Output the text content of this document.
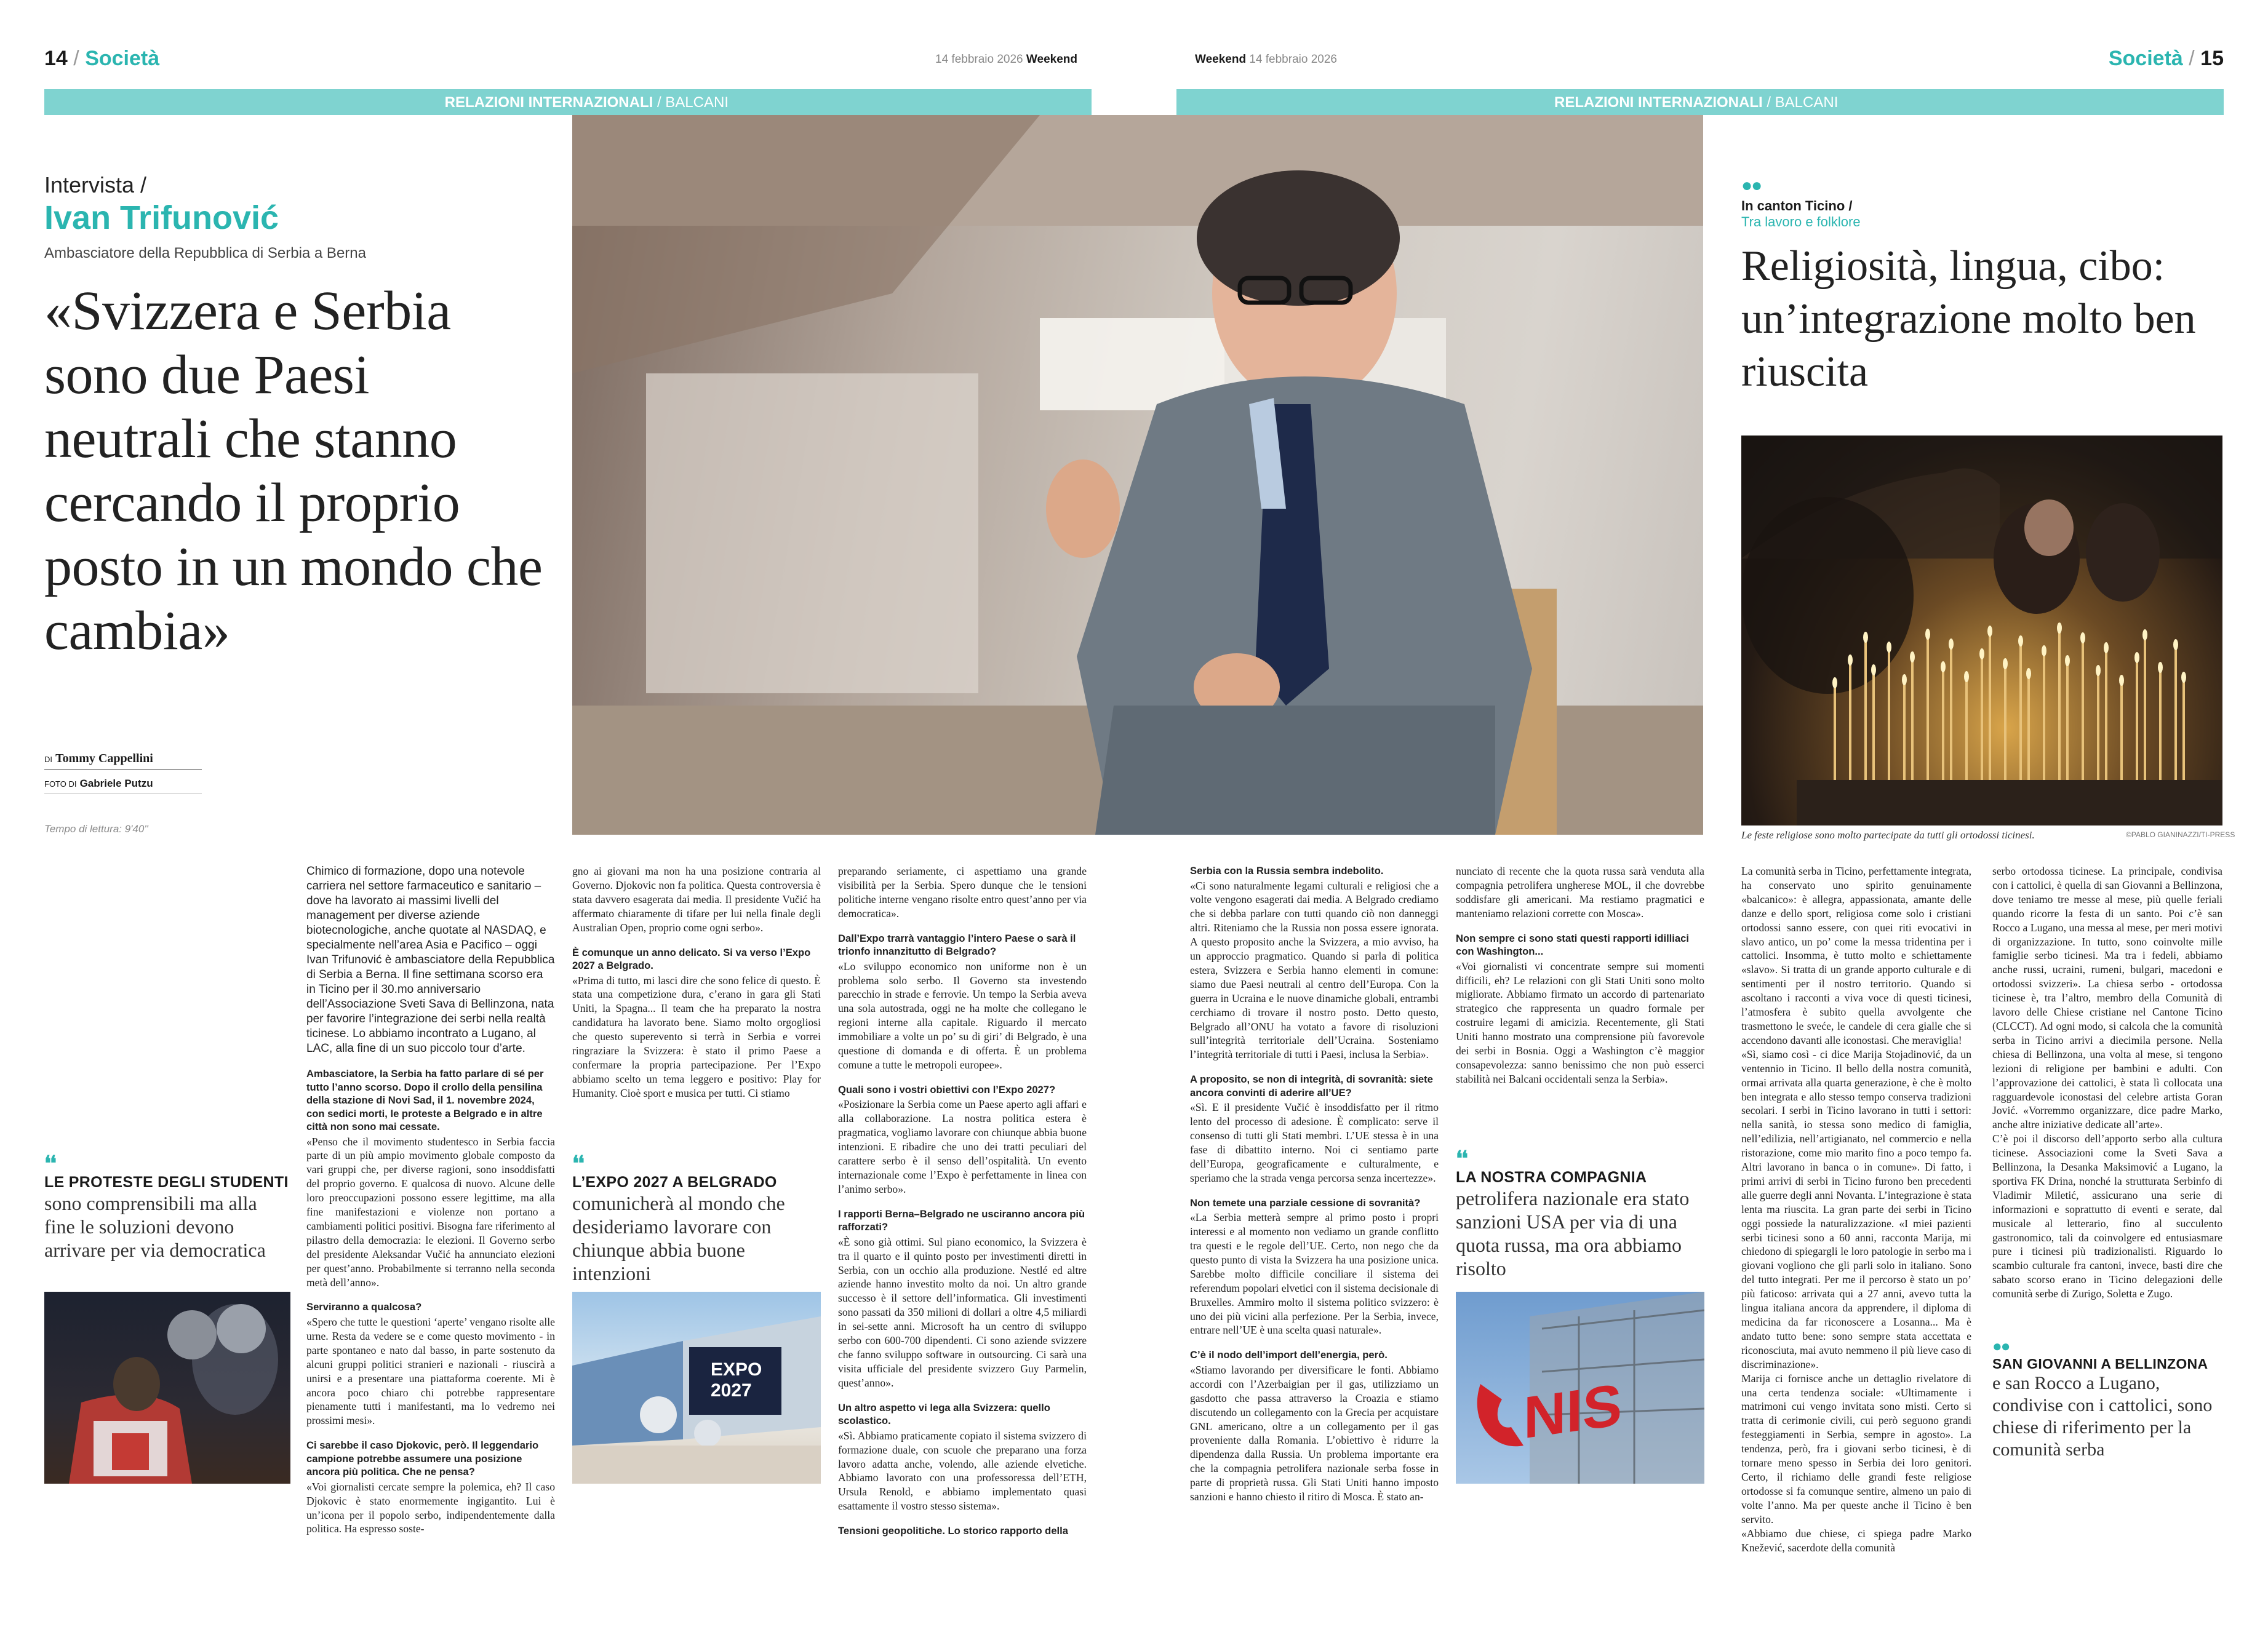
14 / Società	14 febbraio 2026 Weekend	Weekend 14 febbraio 2026	Società / 15
RELAZIONI INTERNAZIONALI / BALCANI	RELAZIONI INTERNAZIONALI / BALCANI
Intervista /
Ivan Trifunović
Ambasciatore della Repubblica di Serbia a Berna
«Svizzera e Serbia sono due Paesi neutrali che stanno cercando il proprio posto in un mondo che cambia»
DI Tommy Cappellini
FOTO DI Gabriele Putzu
Tempo di lettura: 9'40''

Chimico di formazione, dopo una notevole carriera nel settore farmaceutico e sanitario – dove ha lavorato ai massimi livelli del management per diverse aziende biotecnologiche, anche quotate al NASDAQ, e specialmente nell’area Asia e Pacifico – oggi Ivan Trifunović è ambasciatore della Repubblica di Serbia a Berna. Il fine settimana scorso era in Ticino per il 30.mo anniversario dell’Associazione Sveti Sava di Bellinzona, nata per favorire l’integrazione dei serbi nella realtà ticinese. Lo abbiamo incontrato a Lugano, al LAC, alla fine di un suo piccolo tour d’arte.

Ambasciatore, la Serbia ha fatto parlare di sé per tutto l’anno scorso. Dopo il crollo della pensilina della stazione di Novi Sad, il 1. novembre 2024, con sedici morti, le proteste a Belgrado e in altre città non sono mai cessate.

«Penso che il movimento studentesco in Serbia faccia parte di un più ampio movimento globale composto da vari gruppi che, per diverse ragioni, sono insoddisfatti del proprio governo. E qualcosa di nuovo. Alcune delle loro preoccupazioni possono essere legittime, ma alla fine manifestazioni e violenze non portano a cambiamenti politici positivi. Bisogna fare riferimento al pilastro della democrazia: le elezioni. Il Governo serbo del presidente Aleksandar Vučić ha annunciato elezioni per quest’anno. Probabilmente si terranno nella seconda metà dell’anno».

Serviranno a qualcosa?

«Spero che tutte le questioni ‘aperte’ vengano risolte alle urne. Resta da vedere se e come questo movimento - in parte spontaneo e nato dal basso, in parte sostenuto da alcuni gruppi politici stranieri e nazionali - riuscirà a unirsi e a presentare una piattaforma coerente. Mi è ancora poco chiaro chi potrebbe rappresentare pienamente tutti i manifestanti, ma lo vedremo nei prossimi mesi».

Ci sarebbe il caso Djokovic, però. Il leggendario campione potrebbe assumere una posizione ancora più politica. Che ne pensa?

«Voi giornalisti cercate sempre la polemica, eh? Il caso Djokovic è stato enormemente ingigantito. Lui è un’icona per il popolo serbo, indipendentemente dalla politica. Ha espresso soste-

❛❛
LE PROTESTE DEGLI STUDENTI
sono comprensibili ma alla fine le soluzioni devono arrivare per via democratica

gno ai giovani ma non ha una posizione contraria al Governo. Djokovic non fa politica. Questa controversia è stata davvero esagerata dai media. Il presidente Vučić ha affermato chiaramente di tifare per lui nella finale degli Australian Open, proprio come ogni serbo».

È comunque un anno delicato. Si va verso l’Expo 2027 a Belgrado.

«Prima di tutto, mi lasci dire che sono felice di questo. È stata una competizione dura, c’erano in gara gli Stati Uniti, la Spagna... Il team che ha preparato la nostra candidatura ha lavorato bene. Siamo molto orgogliosi che questo superevento si terrà in Serbia e vorrei ringraziare la Svizzera: è stato il primo Paese a confermare la propria partecipazione. Per l’Expo abbiamo scelto un tema leggero e positivo: Play for Humanity. Cioè sport e musica per tutti. Ci stiamo

❛❛
L’EXPO 2027 A BELGRADO
comunicherà al mondo che desideriamo lavorare con chiunque abbia buone intenzioni
EXPO
2027

preparando seriamente, ci aspettiamo una grande visibilità per la Serbia. Spero dunque che le tensioni politiche interne vengano risolte entro quest’anno per via democratica».

Dall’Expo trarrà vantaggio l’intero Paese o sarà il trionfo innanzitutto di Belgrado?

«Lo sviluppo economico non uniforme non è un problema solo serbo. Il Governo sta investendo parecchio in strade e ferrovie. Un tempo la Serbia aveva una sola autostrada, oggi ne ha molte che collegano le regioni interne alla capitale. Riguardo il mercato immobiliare a volte un po’ su di giri’ di Belgrado, è una questione di domanda e di offerta. È un problema comune a tutte le metropoli europee».

Quali sono i vostri obiettivi con l’Expo 2027?

«Posizionare la Serbia come un Paese aperto agli affari e alla collaborazione. La nostra politica estera è pragmatica, vogliamo lavorare con chiunque abbia buone intenzioni. E ribadire che uno dei tratti peculiari del carattere serbo è il senso dell’ospitalità. Un evento internazionale come l’Expo è perfettamente in linea con l’animo serbo».

I rapporti Berna–Belgrado ne usciranno ancora più rafforzati?

«È sono già ottimi. Sul piano economico, la Svizzera è tra il quarto e il quinto posto per investimenti diretti in Serbia, con un occhio alla produzione. Nestlé ed altre aziende hanno investito molto da noi. Un altro grande successo è il settore dell’informatica. Gli investimenti sono passati da 350 milioni di dollari a oltre 4,5 miliardi in sei-sette anni. Microsoft ha un centro di sviluppo serbo con 600-700 dipendenti. Ci sono aziende svizzere che fanno sviluppo software in outsourcing. Ci sarà una visita ufficiale del presidente svizzero Guy Parmelin, quest’anno».

Un altro aspetto vi lega alla Svizzera: quello scolastico.

«Sì. Abbiamo praticamente copiato il sistema svizzero di formazione duale, con scuole che preparano una forza lavoro adatta anche, volendo, alle aziende elvetiche. Abbiamo lavorato con una professoressa dell’ETH, Ursula Renold, e abbiamo implementato quasi esattamente il vostro stesso sistema».

Tensioni geopolitiche. Lo storico rapporto della

Serbia con la Russia sembra indebolito.

«Ci sono naturalmente legami culturali e religiosi che a volte vengono esagerati dai media. A Belgrado crediamo che si debba parlare con tutti quando ciò non danneggi altri. Riteniamo che la Russia non possa essere ignorata. A questo proposito anche la Svizzera, a mio avviso, ha un approccio pragmatico. Quando si parla di politica estera, Svizzera e Serbia hanno elementi in comune: siamo due Paesi neutrali al centro dell’Europa. Con la guerra in Ucraina e le nuove dinamiche globali, entrambi cerchiamo di trovare il nostro posto. Detto questo, Belgrado all’ONU ha votato a favore di risoluzioni sull’integrità territoriale dell’Ucraina. Sosteniamo l’integrità territoriale di tutti i Paesi, inclusa la Serbia».

A proposito, se non di integrità, di sovranità: siete ancora convinti di aderire all’UE?

«Sì. E il presidente Vučić è insoddisfatto per il ritmo lento del processo di adesione. È complicato: serve il consenso di tutti gli Stati membri. L’UE stessa è in una fase di dibattito interno. Noi ci sentiamo parte dell’Europa, geograficamente e culturalmente, e speriamo che la strada venga percorsa senza incertezze».

Non temete una parziale cessione di sovranità?

«La Serbia metterà sempre al primo posto i propri interessi e al momento non vediamo un grande conflitto tra questi e le regole dell’UE. Certo, non nego che da questo punto di vista la Svizzera ha una posizione unica. Sarebbe molto difficile conciliare il sistema dei referendum popolari elvetici con il sistema decisionale di Bruxelles. Ammiro molto il sistema politico svizzero: è uno dei più vicini alla perfezione. Per la Serbia, invece, entrare nell’UE è una scelta quasi naturale».

C’è il nodo dell’import dell’energia, però.

«Stiamo lavorando per diversificare le fonti. Abbiamo accordi con l’Azerbaigian per il gas, utilizziamo un gasdotto che passa attraverso la Croazia e stiamo discutendo un collegamento con la Grecia per acquistare GNL americano, oltre a un collegamento per il gas proveniente dalla Romania. L’obiettivo è ridurre la dipendenza dalla Russia. Un problema importante era che la compagnia petrolifera nazionale serba fosse in parte di proprietà russa. Gli Stati Uniti hanno imposto sanzioni e hanno chiesto il ritiro di Mosca. È stato an-

nunciato di recente che la quota russa sarà venduta alla compagnia petrolifera ungherese MOL, il che dovrebbe soddisfare gli americani. Ma restiamo pragmatici e manteniamo relazioni corrette con Mosca».

Non sempre ci sono stati questi rapporti idilliaci con Washington...

«Voi giornalisti vi concentrate sempre sui momenti difficili, eh? Le relazioni con gli Stati Uniti sono molto migliorate. Abbiamo firmato un accordo di partenariato strategico che rappresenta un quadro formale per costruire legami di amicizia. Recentemente, gli Stati Uniti hanno mostrato una comprensione più favorevole dei serbi in Bosnia. Oggi a Washington c’è maggior consapevolezza: sanno benissimo che non può esserci stabilità nei Balcani occidentali senza la Serbia».

❛❛
LA NOSTRA COMPAGNIA
petrolifera nazionale era stato sanzioni USA per via di una quota russa, ma ora abbiamo risolto
NIS
●●
In canton Ticino /
Tra lavoro e folklore
Religiosità, lingua, cibo: un’integrazione molto ben riuscita
Le feste religiose sono molto partecipate da tutti gli ortodossi ticinesi.	©PABLO GIANINAZZI/TI-PRESS
La comunità serba in Ticino, perfettamente integrata, ha conservato uno spirito genuinamente «balcanico»: è allegra, appassionata, amante delle danze e dello sport, religiosa come solo i cristiani ortodossi sanno essere, con quei riti evocativi in slavo antico, un po’ come la messa tridentina per i cattolici. Insomma, è tutto molto e schiettamente «slavo». Si tratta di un grande apporto culturale e di sentimenti per il nostro territorio. Quando si ascoltano i racconti a viva voce di questi ticinesi, l’atmosfera è subito quella avvolgente che trasmettono le sveće, le candele di cera gialle che si accendono davanti alle iconostasi. Che meraviglia!
«Sì, siamo così - ci dice Marija Stojadinović, da un ventennio in Ticino. Il bello della nostra comunità, ormai arrivata alla quarta generazione, è che è molto ben integrata e allo stesso tempo conserva tradizioni secolari. I serbi in Ticino lavorano in tutti i settori: nella sanità, io stessa sono medico di famiglia, nell’edilizia, nell’artigianato, nel commercio e nella ristorazione, come mio marito fino a poco tempo fa. Altri lavorano in banca o in comune». Di fatto, i primi arrivi di serbi in Ticino furono ben precedenti alle guerre degli anni Novanta. L’integrazione è stata lenta ma riuscita. La gran parte dei serbi in Ticino oggi possiede la naturalizzazione. «I miei pazienti serbi ticinesi sono a 60 anni, racconta Marija, mi chiedono di spiegargli le loro patologie in serbo ma i giovani vogliono che gli parli solo in italiano. Sono del tutto integrati. Per me il percorso è stato un po’ più faticoso: arrivata qui a 27 anni, avevo tutta la lingua italiana ancora da apprendere, il diploma di medicina da far riconoscere a Losanna... Ma è andato tutto bene: sono sempre stata accettata e riconosciuta, mai avuto nemmeno il più lieve caso di discriminazione».
Marija ci fornisce anche un dettaglio rivelatore di una certa tendenza sociale: «Ultimamente i matrimoni cui vengo invitata sono misti. Certo si tratta di cerimonie civili, cui però seguono grandi festeggiamenti in Serbia, sempre in agosto». La tendenza, però, fra i giovani serbo ticinesi, è di tornare meno spesso in Serbia dei loro genitori. Certo, il richiamo delle grandi feste religiose ortodosse si fa comunque sentire, almeno un paio di volte l’anno. Ma per queste anche il Ticino è ben servito.
«Abbiamo due chiese, ci spiega padre Marko Knežević, sacerdote della comunità
serbo ortodossa ticinese. La principale, condivisa con i cattolici, è quella di san Giovanni a Bellinzona, dove teniamo tre messe al mese, più quelle feriali quando ricorre la festa di un santo. Poi c’è san Rocco a Lugano, una messa al mese, per meri motivi di organizzazione. In tutto, sono coinvolte mille famiglie serbo ticinesi. Ma tra i fedeli, abbiamo anche russi, ucraini, rumeni, bulgari, macedoni e ortodossi svizzeri». La chiesa serbo - ortodossa ticinese è, tra l’altro, membro della Comunità di lavoro delle Chiese cristiane nel Cantone Ticino (CLCCT). Ad ogni modo, si calcola che la comunità serba in Ticino arrivi a diecimila persone. Nella chiesa di Bellinzona, una volta al mese, si tengono lezioni di religione per bambini e adulti. Con l’approvazione dei cattolici, è stata lì collocata una ragguardevole iconostasi del celebre artista Goran Jović. «Vorremmo organizzare, dice padre Marko, anche altre iniziative dedicate all’arte».
C’è poi il discorso dell’apporto serbo alla cultura ticinese. Associazioni come la Sveti Sava a Bellinzona, la Desanka Maksimović a Lugano, la sportiva FK Drina, nonché la strutturata Serbinfo di Vladimir Miletić, assicurano una serie di informazioni e soprattutto di eventi e serate, dal musicale al letterario, fino al succulento gastronomico, tali da coinvolgere ed entusiasmare pure i ticinesi più tradizionalisti. Riguardo lo scambio culturale fra cantoni, invece, basti dire che sabato scorso erano in Ticino delegazioni delle comunità serbe di Zurigo, Soletta e Zugo.
●●
SAN GIOVANNI A BELLINZONA
e san Rocco a Lugano, condivise con i cattolici, sono chiese di riferimento per la comunità serba
